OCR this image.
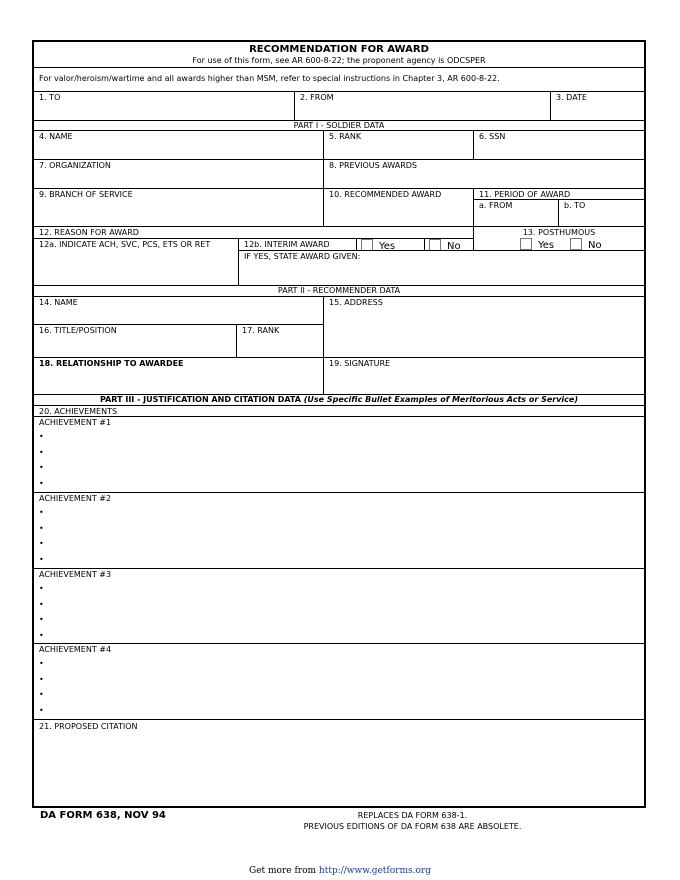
RECOMMENDATION FOR AWARD
For use of this form, see AR 600-8-22; the proponent agency is ODCSPER
For valor/heroism/wartime and all awards higher than MSM, refer to special instructions in Chapter 3, AR 600-8-22.
1. TO	2. FROM	3. DATE
PART I - SOLDIER DATA
4. NAME	5. RANK	6. SSN
7. ORGANIZATION	8. PREVIOUS AWARDS
9. BRANCH OF SERVICE	10. RECOMMENDED AWARD	11. PERIOD OF AWARD
a. FROM	b. TO
12. REASON FOR AWARD	13. POSTHUMOUS
Yes	No
12a. INDICATE ACH, SVC, PCS, ETS OR RET	12b. INTERIM AWARD	Yes	No
IF YES, STATE AWARD GIVEN:
PART II - RECOMMENDER DATA
14. NAME	15. ADDRESS
16. TITLE/POSITION	17. RANK
18. RELATIONSHIP TO AWARDEE	19. SIGNATURE
PART III - JUSTIFICATION AND CITATION DATA (Use Specific Bullet Examples of Meritorious Acts or Service)
20. ACHIEVEMENTS
ACHIEVEMENT #1
•
•
•
•
ACHIEVEMENT #2
•
•
•
•
ACHIEVEMENT #3
•
•
•
•
ACHIEVEMENT #4
•
•
•
•
21. PROPOSED CITATION
DA FORM 638, NOV 94	REPLACES DA FORM 638-1.
PREVIOUS EDITIONS OF DA FORM 638 ARE ABSOLETE.
Get more from http://www.getforms.org
